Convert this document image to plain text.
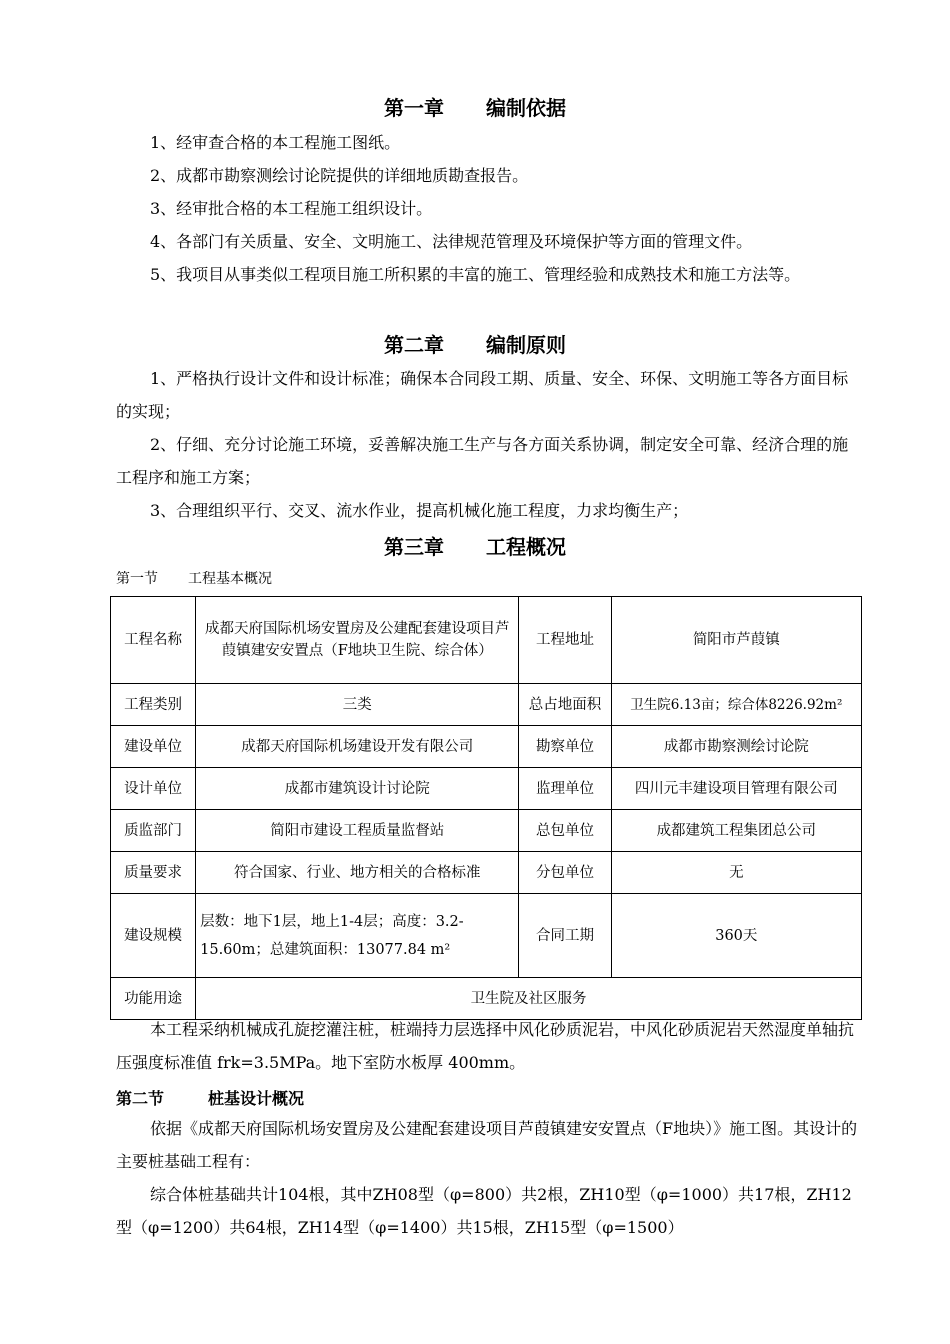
第一章 编制依据
1、经审查合格的本工程施工图纸。
2、成都市勘察测绘讨论院提供的详细地质勘查报告。
3、经审批合格的本工程施工组织设计。
4、各部门有关质量、安全、文明施工、法律规范管理及环境保护等方面的管理文件。
5、我项目从事类似工程项目施工所积累的丰富的施工、管理经验和成熟技术和施工方法等。
第二章 编制原则
1、严格执行设计文件和设计标准；确保本合同段工期、质量、安全、环保、文明施工等各方面目标的实现；
2、仔细、充分讨论施工环境，妥善解决施工生产与各方面关系协调，制定安全可靠、经济合理的施工程序和施工方案；
3、合理组织平行、交叉、流水作业，提高机械化施工程度，力求均衡生产；
第三章 工程概况
第一节 工程基本概况
工程名称	成都天府国际机场安置房及公建配套建设项目芦葭镇建安安置点（F地块卫生院、综合体）	工程地址	简阳市芦葭镇
工程类别	三类	总占地面积	卫生院6.13亩；综合体8226.92m²
建设单位	成都天府国际机场建设开发有限公司	勘察单位	成都市勘察测绘讨论院
设计单位	成都市建筑设计讨论院	监理单位	四川元丰建设项目管理有限公司
质监部门	简阳市建设工程质量监督站	总包单位	成都建筑工程集团总公司
质量要求	符合国家、行业、地方相关的合格标准	分包单位	无
建设规模	层数：地下1层，地上1-4层；高度：3.2-15.60m；总建筑面积：13077.84 m²	合同工期	360天
功能用途	卫生院及社区服务		
本工程采纳机械成孔旋挖灌注桩，桩端持力层选择中风化砂质泥岩，中风化砂质泥岩天然湿度单轴抗压强度标准值 frk=3.5MPa。地下室防水板厚 400mm。
第二节	桩基设计概况
依据《成都天府国际机场安置房及公建配套建设项目芦葭镇建安安置点（F地块）》施工图。其设计的主要桩基础工程有：
综合体桩基础共计104根，其中ZH08型（φ=800）共2根，ZH10型（φ=1000）共17根，ZH12型（φ=1200）共64根，ZH14型（φ=1400）共15根，ZH15型（φ=1500）
